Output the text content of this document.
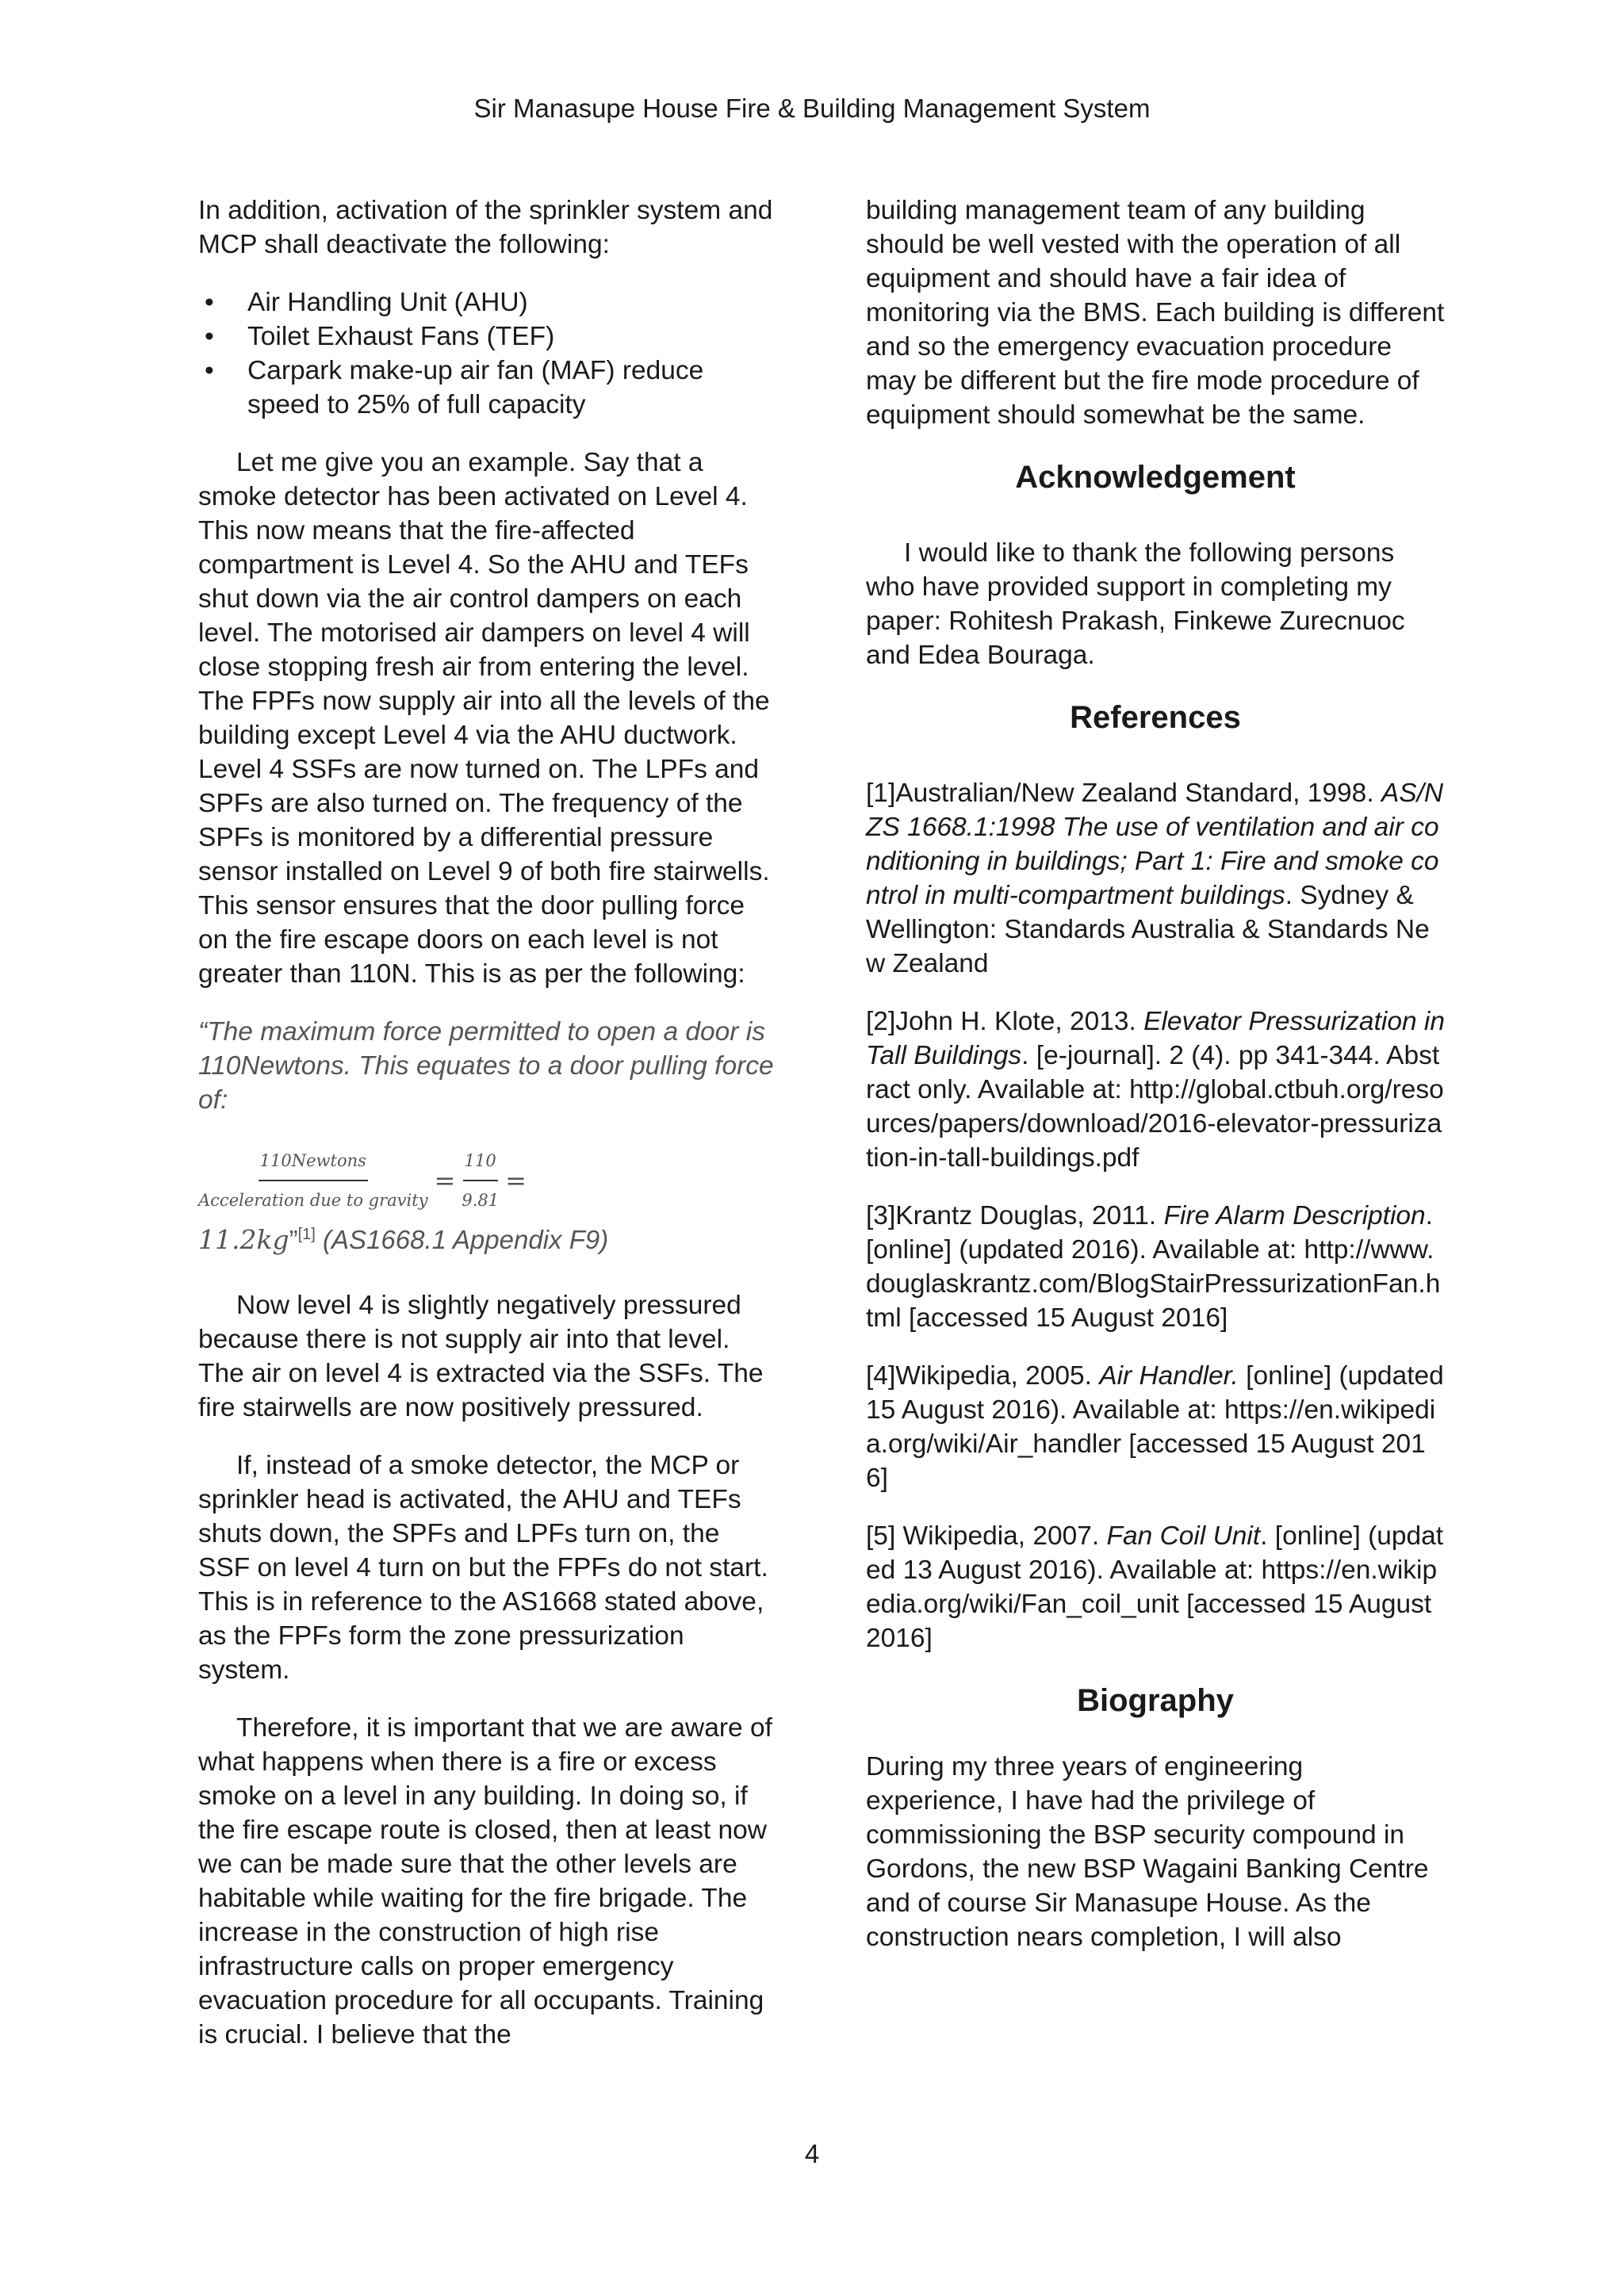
Sir Manasupe House Fire & Building Management System

In addition, activation of the sprinkler system and MCP shall deactivate the following:

• Air Handling Unit (AHU)
• Toilet Exhaust Fans (TEF)
• Carpark make-up air fan (MAF) reduce speed to 25% of full capacity

Let me give you an example. Say that a smoke detector has been activated on Level 4. This now means that the fire-affected compartment is Level 4. So the AHU and TEFs shut down via the air control dampers on each level. The motorised air dampers on level 4 will close stopping fresh air from entering the level. The FPFs now supply air into all the levels of the building except Level 4 via the AHU ductwork. Level 4 SSFs are now turned on. The LPFs and SPFs are also turned on. The frequency of the SPFs is monitored by a differential pressure sensor installed on Level 9 of both fire stairwells. This sensor ensures that the door pulling force on the fire escape doors on each level is not greater than 110N. This is as per the following:

“The maximum force permitted to open a door is 110Newtons. This equates to a door pulling force of:
$\frac{\text{110Newtons}}{\text{Acceleration due to gravity}} = \frac{110}{9.81}$ =
11.2kg”[1] (AS1668.1 Appendix F9)

Now level 4 is slightly negatively pressured because there is not supply air into that level. The air on level 4 is extracted via the SSFs. The fire stairwells are now positively pressured.

If, instead of a smoke detector, the MCP or sprinkler head is activated, the AHU and TEFs shuts down, the SPFs and LPFs turn on, the SSF on level 4 turn on but the FPFs do not start. This is in reference to the AS1668 stated above, as the FPFs form the zone pressurization system.

Therefore, it is important that we are aware of what happens when there is a fire or excess smoke on a level in any building. In doing so, if the fire escape route is closed, then at least now we can be made sure that the other levels are habitable while waiting for the fire brigade. The increase in the construction of high rise infrastructure calls on proper emergency evacuation procedure for all occupants. Training is crucial. I believe that the

building management team of any building should be well vested with the operation of all equipment and should have a fair idea of monitoring via the BMS. Each building is different and so the emergency evacuation procedure may be different but the fire mode procedure of equipment should somewhat be the same.

Acknowledgement

I would like to thank the following persons who have provided support in completing my paper: Rohitesh Prakash, Finkewe Zurecnuoc and Edea Bouraga.

References

[1]Australian/New Zealand Standard, 1998. AS/NZS 1668.1:1998 The use of ventilation and air conditioning in buildings; Part 1: Fire and smoke control in multi-compartment buildings. Sydney & Wellington: Standards Australia & Standards New Zealand

[2]John H. Klote, 2013. Elevator Pressurization in Tall Buildings. [e-journal]. 2 (4). pp 341-344. Abstract only. Available at: http://global.ctbuh.org/resources/papers/download/2016-elevator-pressurization-in-tall-buildings.pdf

[3]Krantz Douglas, 2011. Fire Alarm Description. [online] (updated 2016). Available at: http://www.douglaskrantz.com/BlogStairPressurizationFan.html [accessed 15 August 2016]

[4]Wikipedia, 2005. Air Handler. [online] (updated 15 August 2016). Available at: https://en.wikipedia.org/wiki/Air_handler [accessed 15 August 2016]

[5] Wikipedia, 2007. Fan Coil Unit. [online] (updated 13 August 2016). Available at: https://en.wikipedia.org/wiki/Fan_coil_unit [accessed 15 August 2016]

Biography

During my three years of engineering experience, I have had the privilege of commissioning the BSP security compound in Gordons, the new BSP Wagaini Banking Centre and of course Sir Manasupe House. As the construction nears completion, I will also

4
